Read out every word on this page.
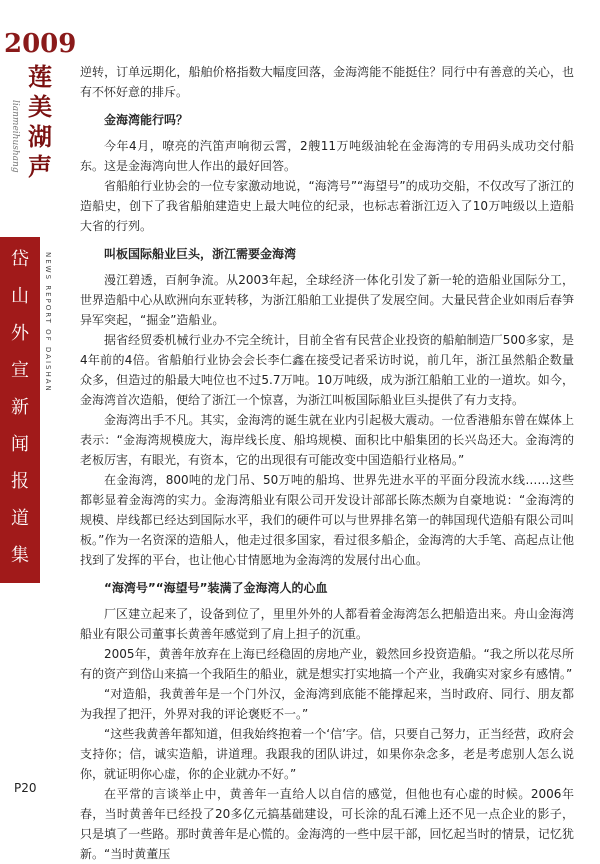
2009
莲
美
湖
声
lianmeihushang
岱
山
外
宣
新
闻
报
道
集
NEWS REPORT OF DAISHAN

逆转，订单远期化，船舶价格指数大幅度回落，金海湾能不能挺住？同行中有善意的关心，也有不怀好意的排斥。

金海湾能行吗？

今年4月，嘹亮的汽笛声响彻云霄，2艘11万吨级油轮在金海湾的专用码头成功交付船东。这是金海湾向世人作出的最好回答。

省船舶行业协会的一位专家激动地说，“海湾号”“海望号”的成功交船，不仅改写了浙江的造船史，创下了我省船舶建造史上最大吨位的纪录，也标志着浙江迈入了10万吨级以上造船大省的行列。

叫板国际船业巨头，浙江需要金海湾

漫江碧透，百舸争流。从2003年起，全球经济一体化引发了新一轮的造船业国际分工，世界造船中心从欧洲向东亚转移，为浙江船舶工业提供了发展空间。大量民营企业如雨后春笋异军突起，“掘金”造船业。

据省经贸委机械行业办不完全统计，目前全省有民营企业投资的船舶制造厂500多家，是4年前的4倍。省船舶行业协会会长李仁鑫在接受记者采访时说，前几年，浙江虽然船企数量众多，但造过的船最大吨位也不过5.7万吨。10万吨级，成为浙江船舶工业的一道坎。如今，金海湾首次造船，便给了浙江一个惊喜，为浙江叫板国际船业巨头提供了有力支持。

金海湾出手不凡。其实，金海湾的诞生就在业内引起极大震动。一位香港船东曾在媒体上表示：“金海湾规模庞大，海岸线长度、船坞规模、面积比中船集团的长兴岛还大。金海湾的老板厉害，有眼光，有资本，它的出现很有可能改变中国造船行业格局。”

在金海湾，800吨的龙门吊、50万吨的船坞、世界先进水平的平面分段流水线……这些都彰显着金海湾的实力。金海湾船业有限公司开发设计部部长陈杰颇为自豪地说：“金海湾的规模、岸线都已经达到国际水平，我们的硬件可以与世界排名第一的韩国现代造船有限公司叫板。”作为一名资深的造船人，他走过很多国家，看过很多船企，金海湾的大手笔、高起点让他找到了发挥的平台，也让他心甘情愿地为金海湾的发展付出心血。

“海湾号”“海望号”装满了金海湾人的心血

厂区建立起来了，设备到位了，里里外外的人都看着金海湾怎么把船造出来。舟山金海湾船业有限公司董事长黄善年感觉到了肩上担子的沉重。

2005年，黄善年放弃在上海已经稳固的房地产业，毅然回乡投资造船。“我之所以花尽所有的资产到岱山来搞一个我陌生的船业，就是想实打实地搞一个产业，我确实对家乡有感情。”

“对造船，我黄善年是一个门外汉，金海湾到底能不能撑起来，当时政府、同行、朋友都为我捏了把汗，外界对我的评论褒贬不一。”

“这些我黄善年都知道，但我始终抱着一个‘信’字。信，只要自己努力，正当经营，政府会支持你；信，诚实造船，讲道理。我跟我的团队讲过，如果你杂念多，老是考虑别人怎么说你，就证明你心虚，你的企业就办不好。”

在平常的言谈举止中，黄善年一直给人以自信的感觉，但他也有心虚的时候。2006年春，当时黄善年已经投了20多亿元搞基础建设，可长涂的乱石滩上还不见一点企业的影子，只是填了一些路。那时黄善年是心慌的。金海湾的一些中层干部，回忆起当时的情景，记忆犹新。“当时黄董压

P20
